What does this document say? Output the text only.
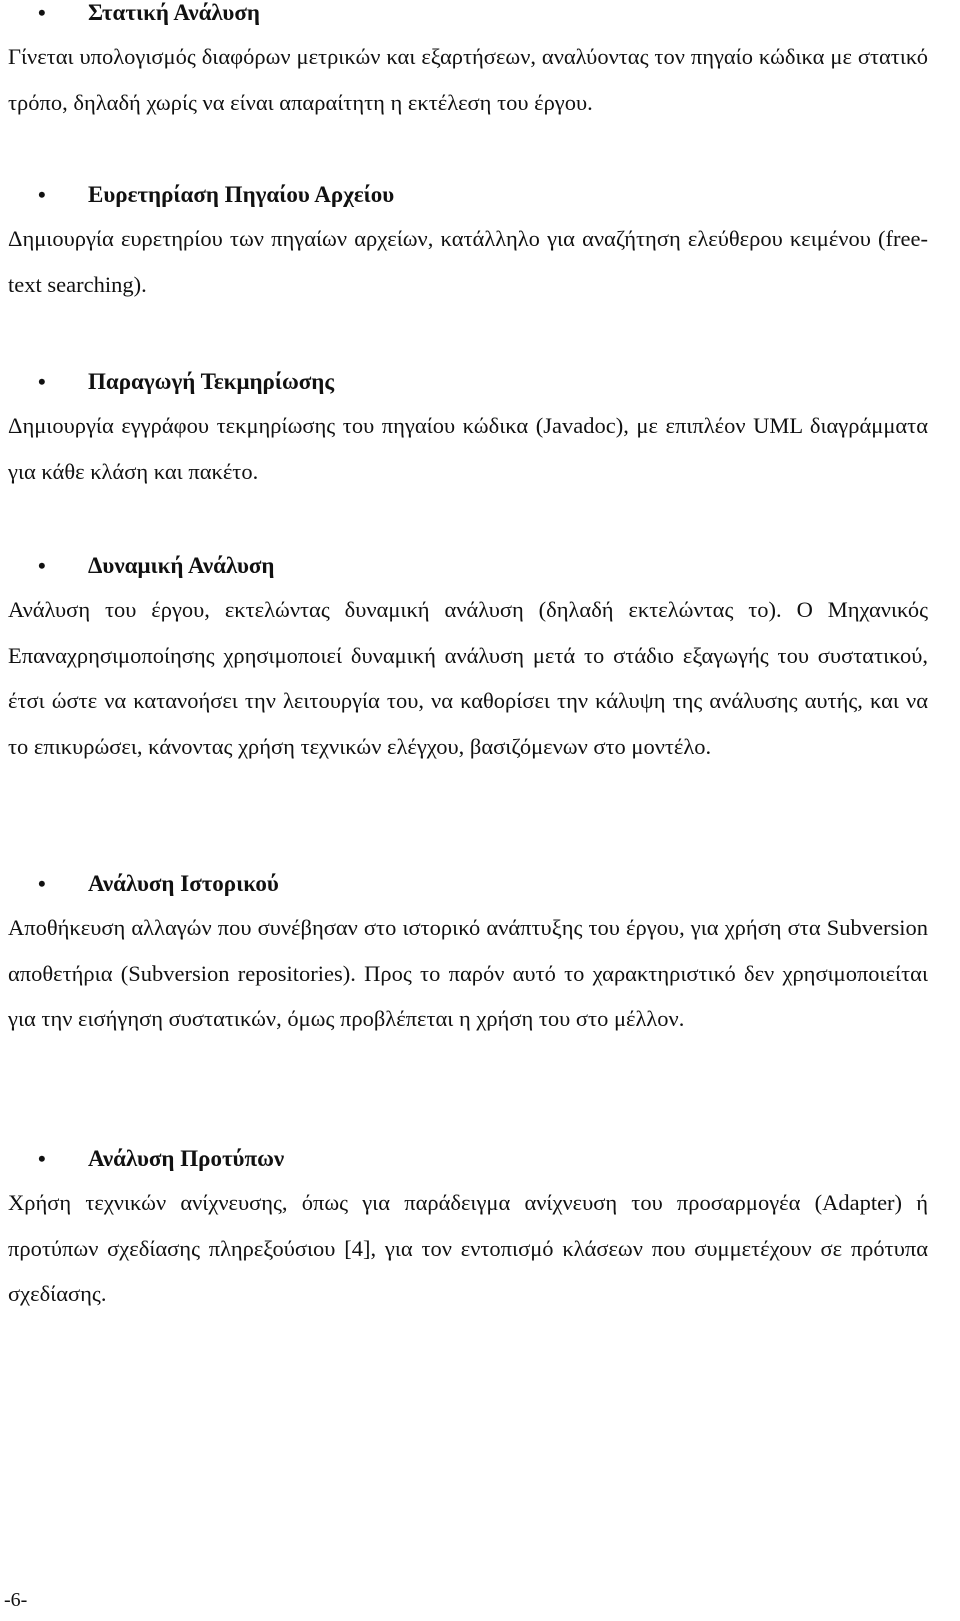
• Στατική Ανάλυση

Γίνεται υπολογισμός διαφόρων μετρικών και εξαρτήσεων, αναλύοντας τον πηγαίο κώδικα με στατικό τρόπο, δηλαδή χωρίς να είναι απαραίτητη η εκτέλεση του έργου.

• Ευρετηρίαση Πηγαίου Αρχείου

Δημιουργία ευρετηρίου των πηγαίων αρχείων, κατάλληλο για αναζήτηση ελεύθερου κειμένου (free-text searching).

• Παραγωγή Τεκμηρίωσης

Δημιουργία εγγράφου τεκμηρίωσης του πηγαίου κώδικα (Javadoc), με επιπλέον UML διαγράμματα για κάθε κλάση και πακέτο.

• Δυναμική Ανάλυση

Ανάλυση του έργου, εκτελώντας δυναμική ανάλυση (δηλαδή εκτελώντας το). Ο Μηχανικός Επαναχρησιμοποίησης χρησιμοποιεί δυναμική ανάλυση μετά το στάδιο εξαγωγής του συστατικού, έτσι ώστε να κατανοήσει την λειτουργία του, να καθορίσει την κάλυψη της ανάλυσης αυτής, και να το επικυρώσει, κάνοντας χρήση τεχνικών ελέγχου, βασιζόμενων στο μοντέλο.

• Ανάλυση Ιστορικού

Αποθήκευση αλλαγών που συνέβησαν στο ιστορικό ανάπτυξης του έργου, για χρήση στα Subversion αποθετήρια (Subversion repositories). Προς το παρόν αυτό το χαρακτηριστικό δεν χρησιμοποιείται για την εισήγηση συστατικών, όμως προβλέπεται η χρήση του στο μέλλον.

• Ανάλυση Προτύπων

Χρήση τεχνικών ανίχνευσης, όπως για παράδειγμα ανίχνευση του προσαρμογέα (Adapter) ή προτύπων σχεδίασης πληρεξούσιου [4], για τον εντοπισμό κλάσεων που συμμετέχουν σε πρότυπα σχεδίασης.

-6-
